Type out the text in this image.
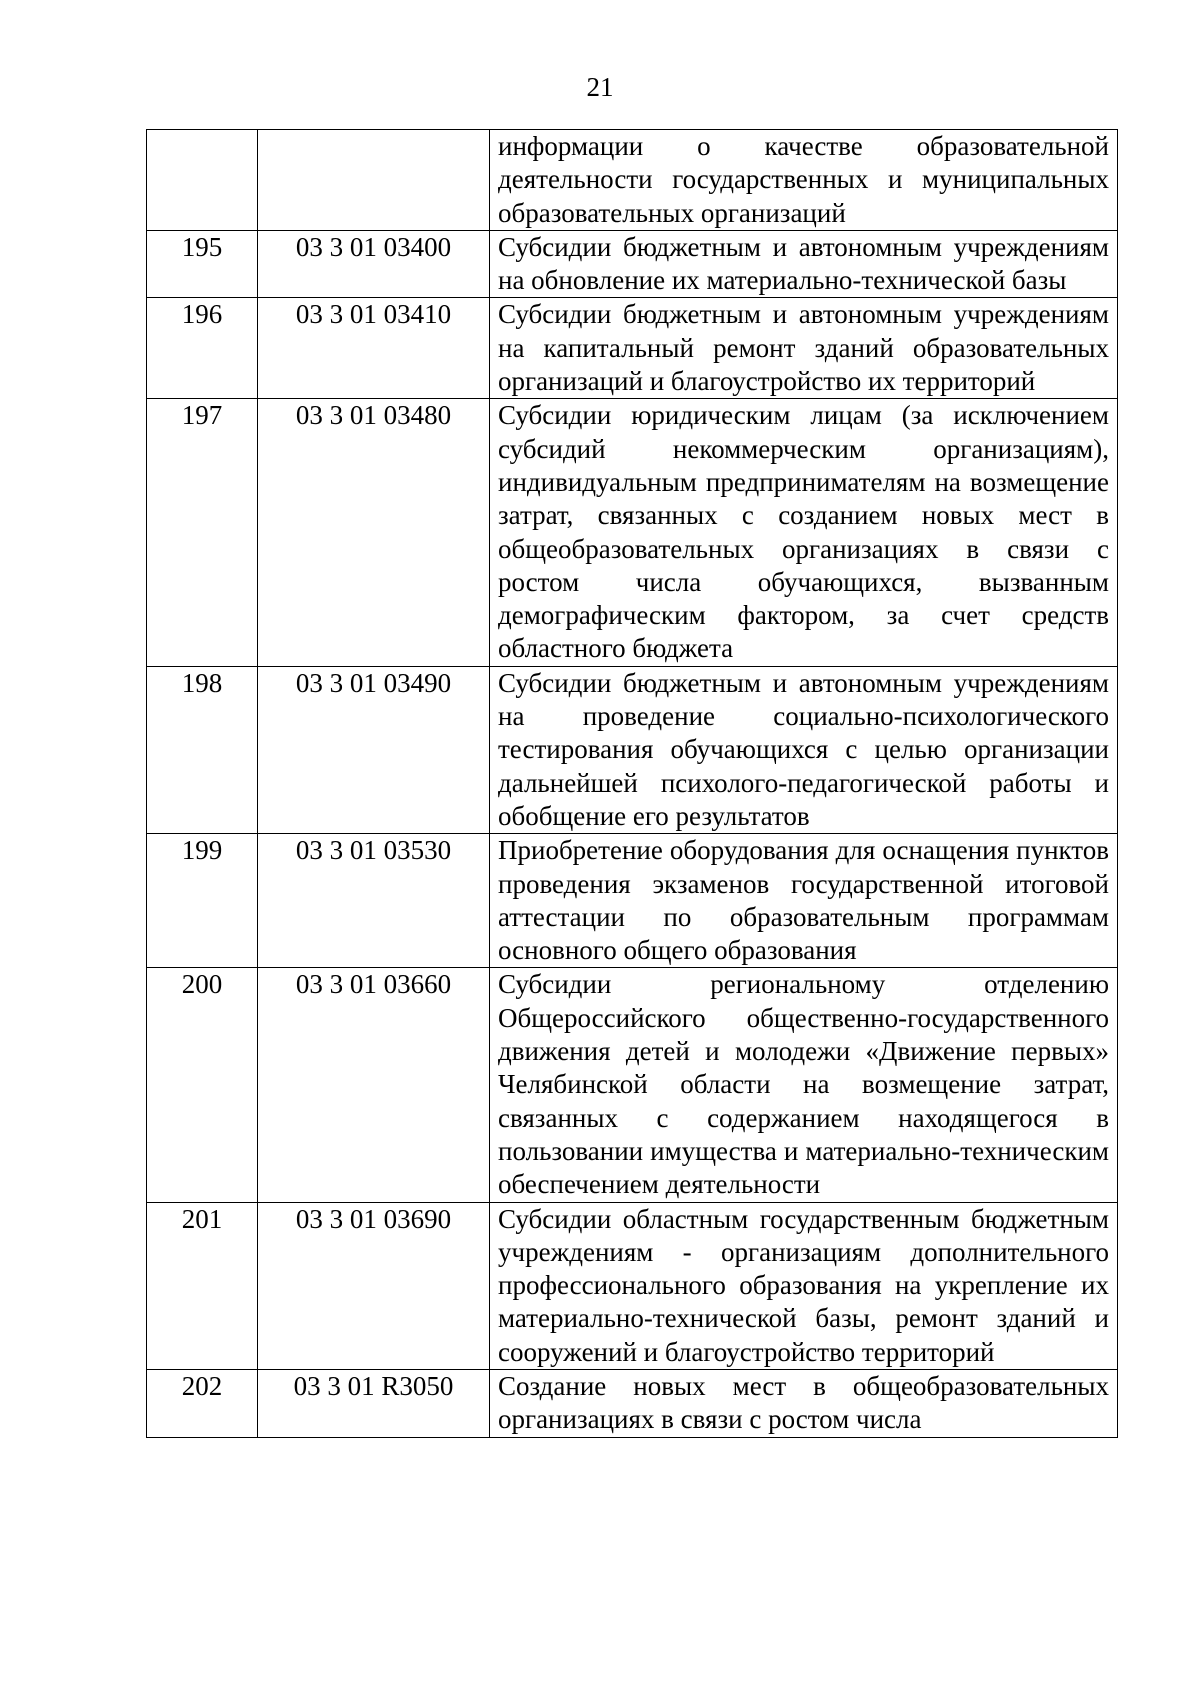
21

		информации о качестве образовательной деятельности государственных и муниципальных образовательных организаций

195	03 3 01 03400	Субсидии бюджетным и автономным учреждениям на обновление их материально-технической базы

196	03 3 01 03410	Субсидии бюджетным и автономным учреждениям на капитальный ремонт зданий образовательных организаций и благоустройство их территорий

197	03 3 01 03480	Субсидии юридическим лицам (за исключением субсидий некоммерческим организациям), индивидуальным предпринимателям на возмещение затрат, связанных с созданием новых мест в общеобразовательных организациях в связи с ростом числа обучающихся, вызванным демографическим фактором, за счет средств областного бюджета

198	03 3 01 03490	Субсидии бюджетным и автономным учреждениям на проведение социально-психологического тестирования обучающихся с целью организации дальнейшей психолого-педагогической работы и обобщение его результатов

199	03 3 01 03530	Приобретение оборудования для оснащения пунктов проведения экзаменов государственной итоговой аттестации по образовательным программам основного общего образования

200	03 3 01 03660	Субсидии региональному отделению Общероссийского общественно-государственного движения детей и молодежи «Движение первых» Челябинской области на возмещение затрат, связанных с содержанием находящегося в пользовании имущества и материально-техническим обеспечением деятельности

201	03 3 01 03690	Субсидии областным государственным бюджетным учреждениям - организациям дополнительного профессионального образования на укрепление их материально-технической базы, ремонт зданий и сооружений и благоустройство территорий

202	03 3 01 R3050	Создание новых мест в общеобразовательных организациях в связи с ростом числа
